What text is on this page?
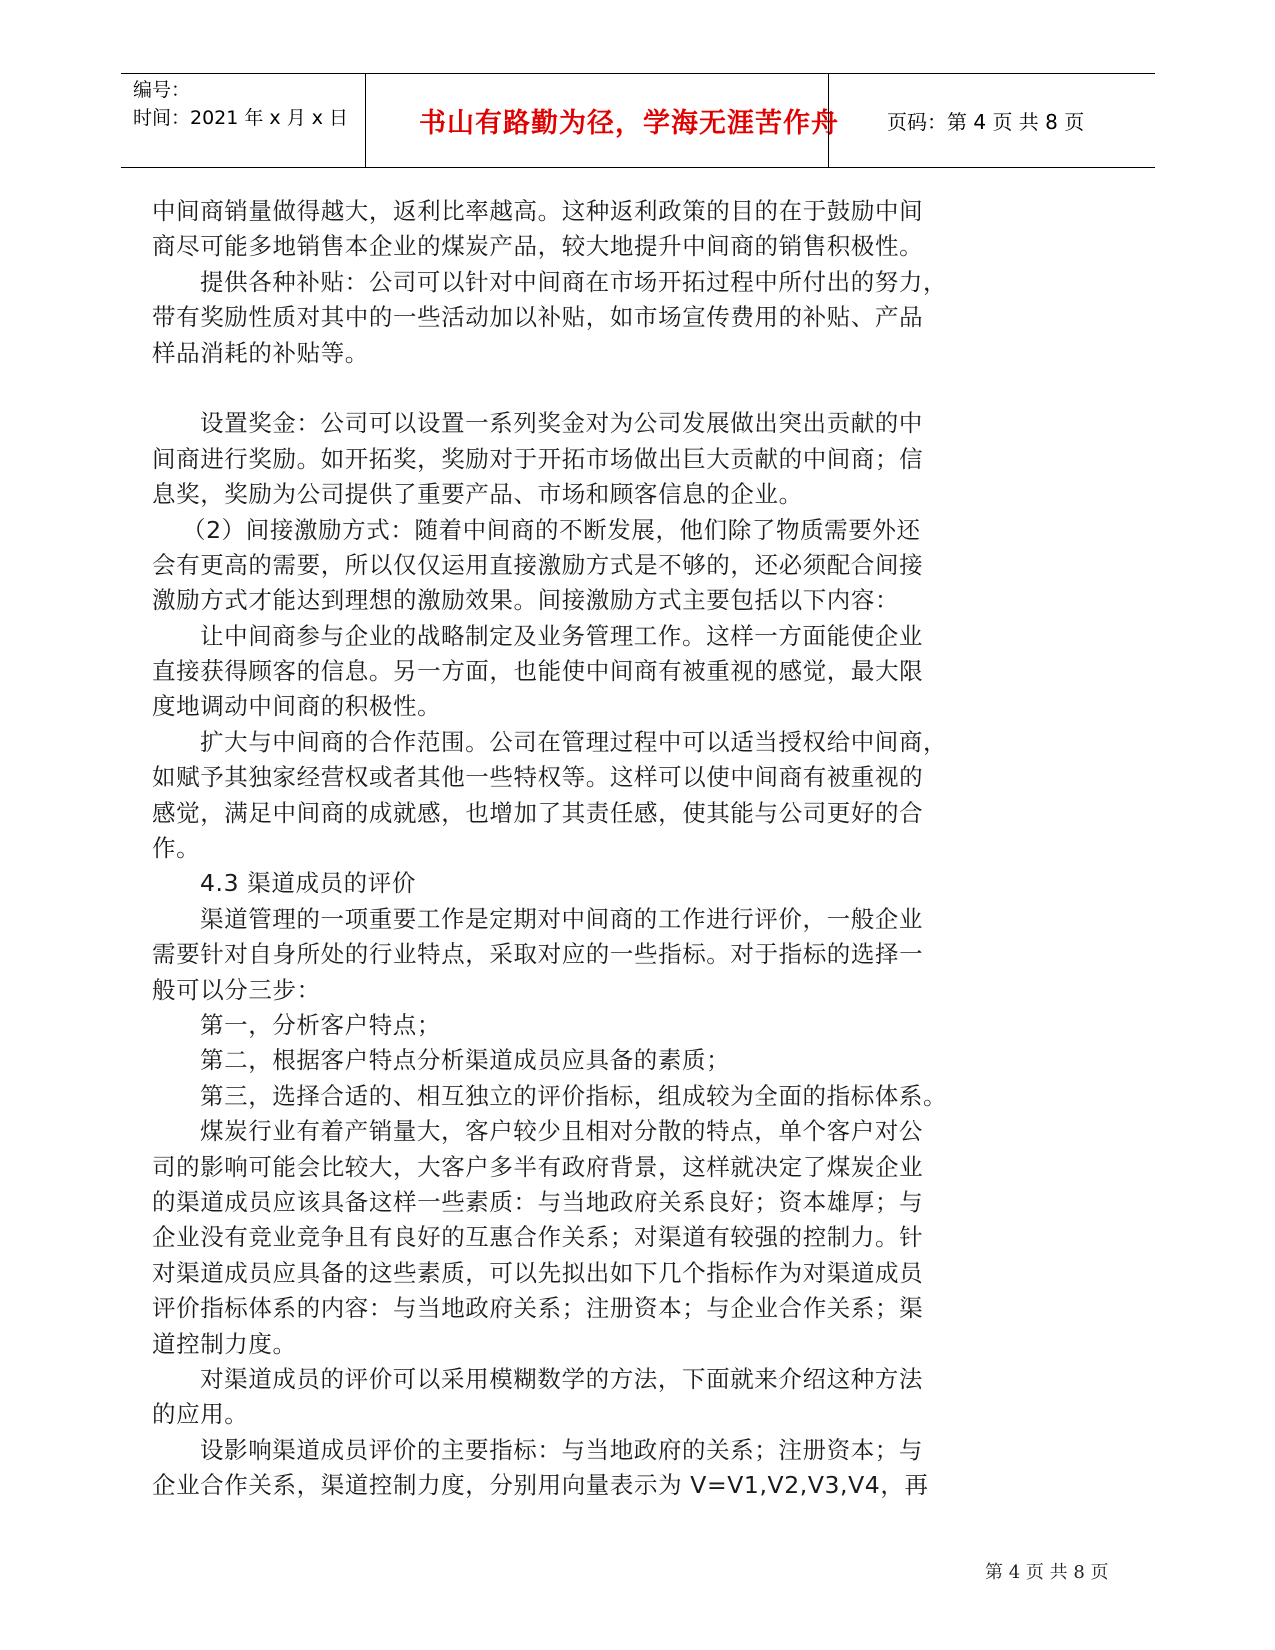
编号：
时间：2021 年 x 月 x 日	书山有路勤为径，学海无涯苦作舟	页码：第 4 页 共 8 页
中间商销量做得越大，返利比率越高。这种返利政策的目的在于鼓励中间
商尽可能多地销售本企业的煤炭产品，较大地提升中间商的销售积极性。
提供各种补贴：公司可以针对中间商在市场开拓过程中所付出的努力，
带有奖励性质对其中的一些活动加以补贴，如市场宣传费用的补贴、产品
样品消耗的补贴等。
设置奖金：公司可以设置一系列奖金对为公司发展做出突出贡献的中
间商进行奖励。如开拓奖，奖励对于开拓市场做出巨大贡献的中间商；信
息奖，奖励为公司提供了重要产品、市场和顾客信息的企业。
（2）间接激励方式：随着中间商的不断发展，他们除了物质需要外还
会有更高的需要，所以仅仅运用直接激励方式是不够的，还必须配合间接
激励方式才能达到理想的激励效果。间接激励方式主要包括以下内容：
让中间商参与企业的战略制定及业务管理工作。这样一方面能使企业
直接获得顾客的信息。另一方面，也能使中间商有被重视的感觉，最大限
度地调动中间商的积极性。
扩大与中间商的合作范围。公司在管理过程中可以适当授权给中间商，
如赋予其独家经营权或者其他一些特权等。这样可以使中间商有被重视的
感觉，满足中间商的成就感，也增加了其责任感，使其能与公司更好的合
作。
4.3 渠道成员的评价
渠道管理的一项重要工作是定期对中间商的工作进行评价，一般企业
需要针对自身所处的行业特点，采取对应的一些指标。对于指标的选择一
般可以分三步：
第一，分析客户特点；
第二，根据客户特点分析渠道成员应具备的素质；
第三，选择合适的、相互独立的评价指标，组成较为全面的指标体系。
煤炭行业有着产销量大，客户较少且相对分散的特点，单个客户对公
司的影响可能会比较大，大客户多半有政府背景，这样就决定了煤炭企业
的渠道成员应该具备这样一些素质：与当地政府关系良好；资本雄厚；与
企业没有竞业竞争且有良好的互惠合作关系；对渠道有较强的控制力。针
对渠道成员应具备的这些素质，可以先拟出如下几个指标作为对渠道成员
评价指标体系的内容：与当地政府关系；注册资本；与企业合作关系；渠
道控制力度。
对渠道成员的评价可以采用模糊数学的方法，下面就来介绍这种方法
的应用。
设影响渠道成员评价的主要指标：与当地政府的关系；注册资本；与
企业合作关系，渠道控制力度，分别用向量表示为 V=V1,V2,V3,V4，再
第 4 页 共 8 页
